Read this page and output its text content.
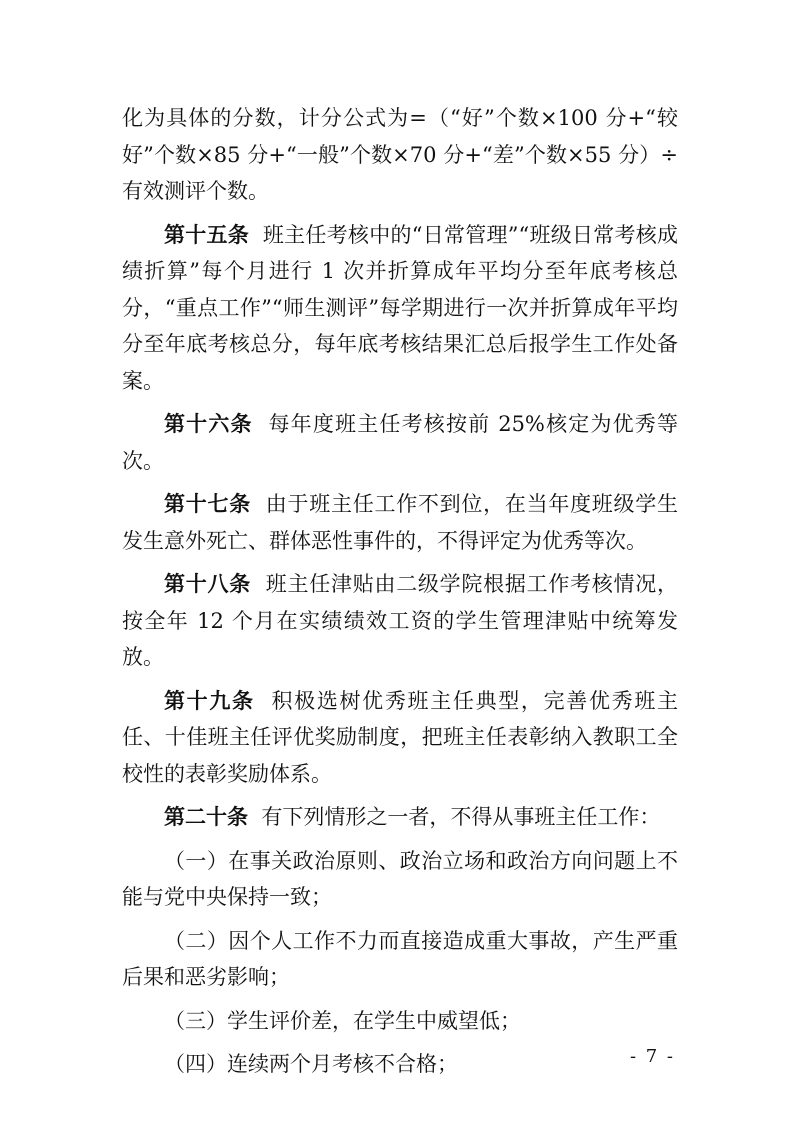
化为具体的分数，计分公式为=（“好”个数×100 分+“较好”个数×85 分+“一般”个数×70 分+“差”个数×55 分）÷有效测评个数。

第十五条 班主任考核中的“日常管理”“班级日常考核成绩折算”每个月进行 1 次并折算成年平均分至年底考核总分，“重点工作”“师生测评”每学期进行一次并折算成年平均分至年底考核总分，每年底考核结果汇总后报学生工作处备案。

第十六条 每年度班主任考核按前 25%核定为优秀等次。

第十七条 由于班主任工作不到位，在当年度班级学生发生意外死亡、群体恶性事件的，不得评定为优秀等次。

第十八条 班主任津贴由二级学院根据工作考核情况，按全年 12 个月在实绩绩效工资的学生管理津贴中统筹发放。

第十九条 积极选树优秀班主任典型，完善优秀班主任、十佳班主任评优奖励制度，把班主任表彰纳入教职工全校性的表彰奖励体系。

第二十条 有下列情形之一者，不得从事班主任工作：

（一）在事关政治原则、政治立场和政治方向问题上不能与党中央保持一致；

（二）因个人工作不力而直接造成重大事故，产生严重后果和恶劣影响；

（三）学生评价差，在学生中威望低；

（四）连续两个月考核不合格；	- 7 -
